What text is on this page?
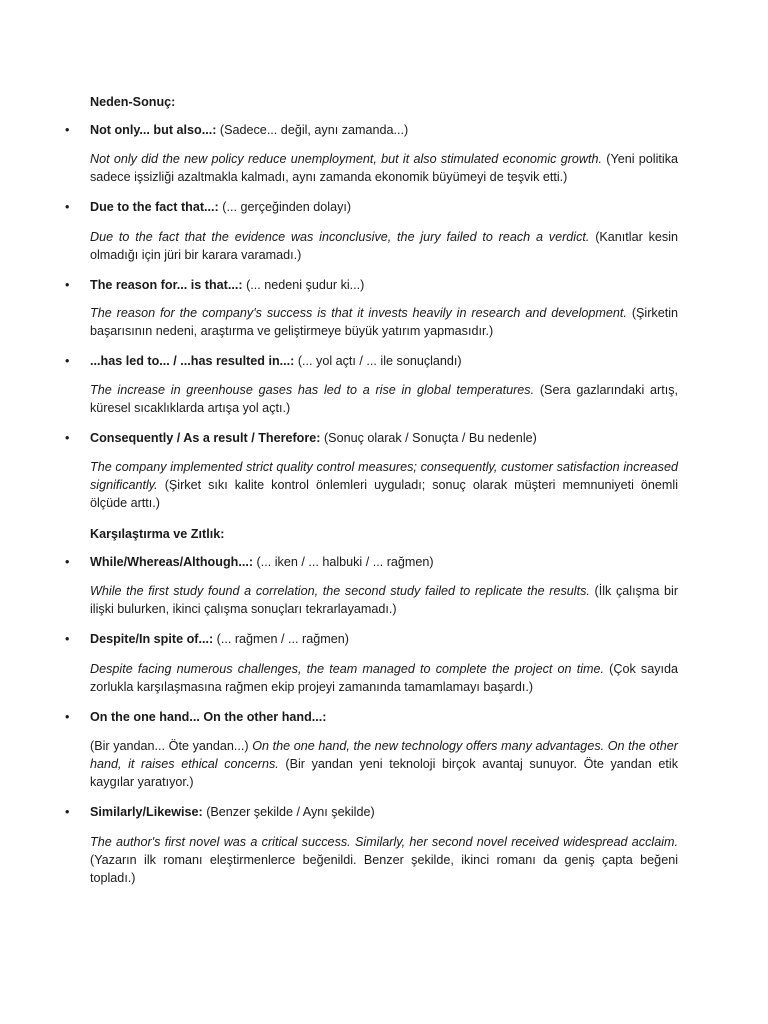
Neden-Sonuç:
• Not only... but also...: (Sadece... değil, aynı zamanda...)
Not only did the new policy reduce unemployment, but it also stimulated economic growth. (Yeni politika sadece işsizliği azaltmakla kalmadı, aynı zamanda ekonomik büyümeyi de teşvik etti.)
• Due to the fact that...: (... gerçeğinden dolayı)
Due to the fact that the evidence was inconclusive, the jury failed to reach a verdict. (Kanıtlar kesin olmadığı için jüri bir karara varamadı.)
• The reason for... is that...: (... nedeni şudur ki...)
The reason for the company's success is that it invests heavily in research and development. (Şirketin başarısının nedeni, araştırma ve geliştirmeye büyük yatırım yapmasıdır.)
• ...has led to... / ...has resulted in...: (... yol açtı / ... ile sonuçlandı)
The increase in greenhouse gases has led to a rise in global temperatures. (Sera gazlarındaki artış, küresel sıcaklıklarda artışa yol açtı.)
• Consequently / As a result / Therefore: (Sonuç olarak / Sonuçta / Bu nedenle)
The company implemented strict quality control measures; consequently, customer satisfaction increased significantly. (Şirket sıkı kalite kontrol önlemleri uyguladı; sonuç olarak müşteri memnuniyeti önemli ölçüde arttı.)
Karşılaştırma ve Zıtlık:
• While/Whereas/Although...: (... iken / ... halbuki / ... rağmen)
While the first study found a correlation, the second study failed to replicate the results. (İlk çalışma bir ilişki bulurken, ikinci çalışma sonuçları tekrarlayamadı.)
• Despite/In spite of...: (... rağmen / ... rağmen)
Despite facing numerous challenges, the team managed to complete the project on time. (Çok sayıda zorlukla karşılaşmasına rağmen ekip projeyi zamanında tamamlamayı başardı.)
• On the one hand... On the other hand...:
(Bir yandan... Öte yandan...) On the one hand, the new technology offers many advantages. On the other hand, it raises ethical concerns. (Bir yandan yeni teknoloji birçok avantaj sunuyor. Öte yandan etik kaygılar yaratıyor.)
• Similarly/Likewise: (Benzer şekilde / Aynı şekilde)
The author's first novel was a critical success. Similarly, her second novel received widespread acclaim. (Yazarın ilk romanı eleştirmenlerce beğenildi. Benzer şekilde, ikinci romanı da geniş çapta beğeni topladı.)
